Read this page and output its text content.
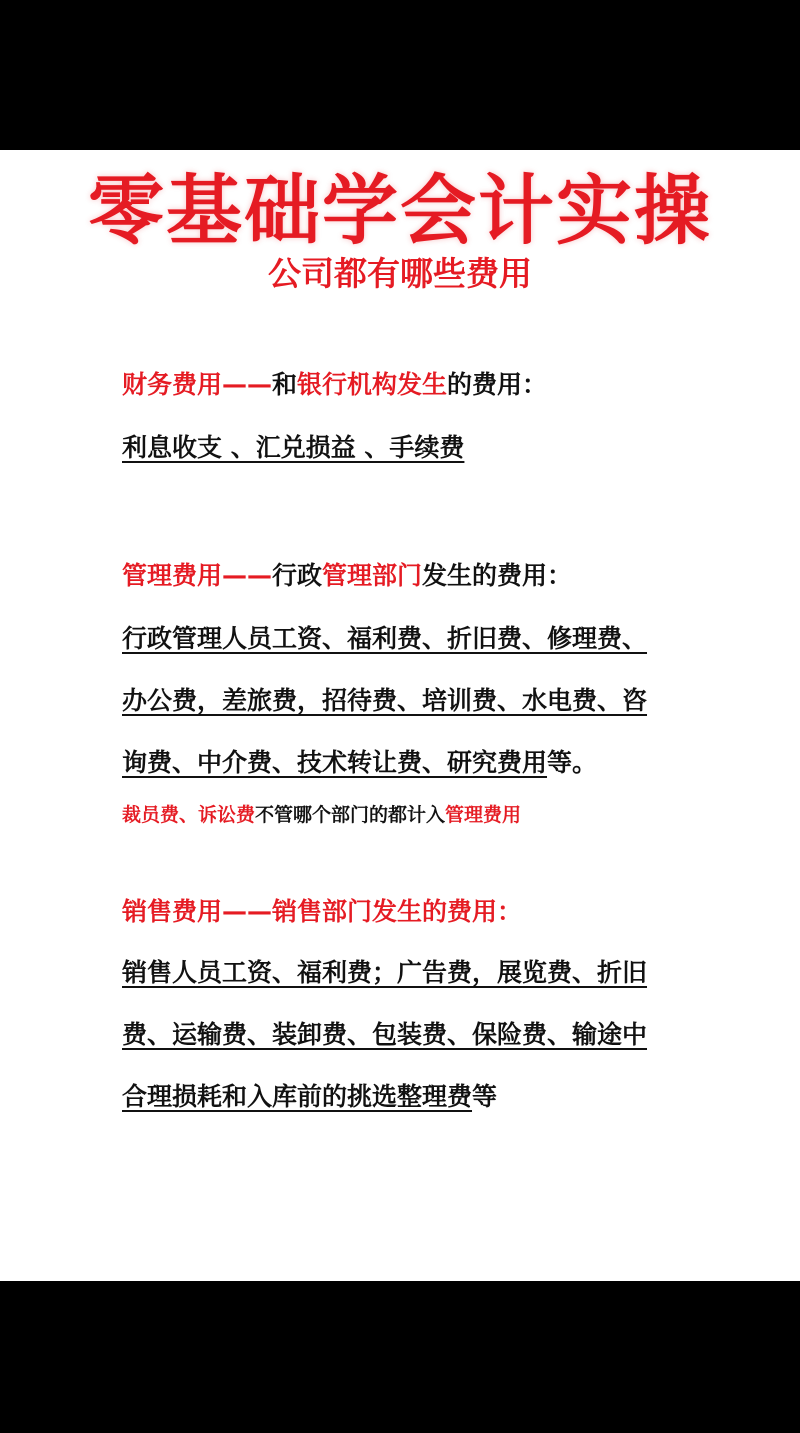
零基础学会计实操
公司都有哪些费用
财务费用——和银行机构发生的费用：
利息收支 、汇兑损益 、手续费
管理费用——行政管理部门发生的费用：
行政管理人员工资、福利费、折旧费、修理费、
办公费，差旅费，招待费、培训费、水电费、咨
询费、中介费、技术转让费、研究费用等。
裁员费、诉讼费不管哪个部门的都计入管理费用
销售费用——销售部门发生的费用：
销售人员工资、福利费；广告费，展览费、折旧
费、运输费、装卸费、包装费、保险费、输途中
合理损耗和入库前的挑选整理费等
